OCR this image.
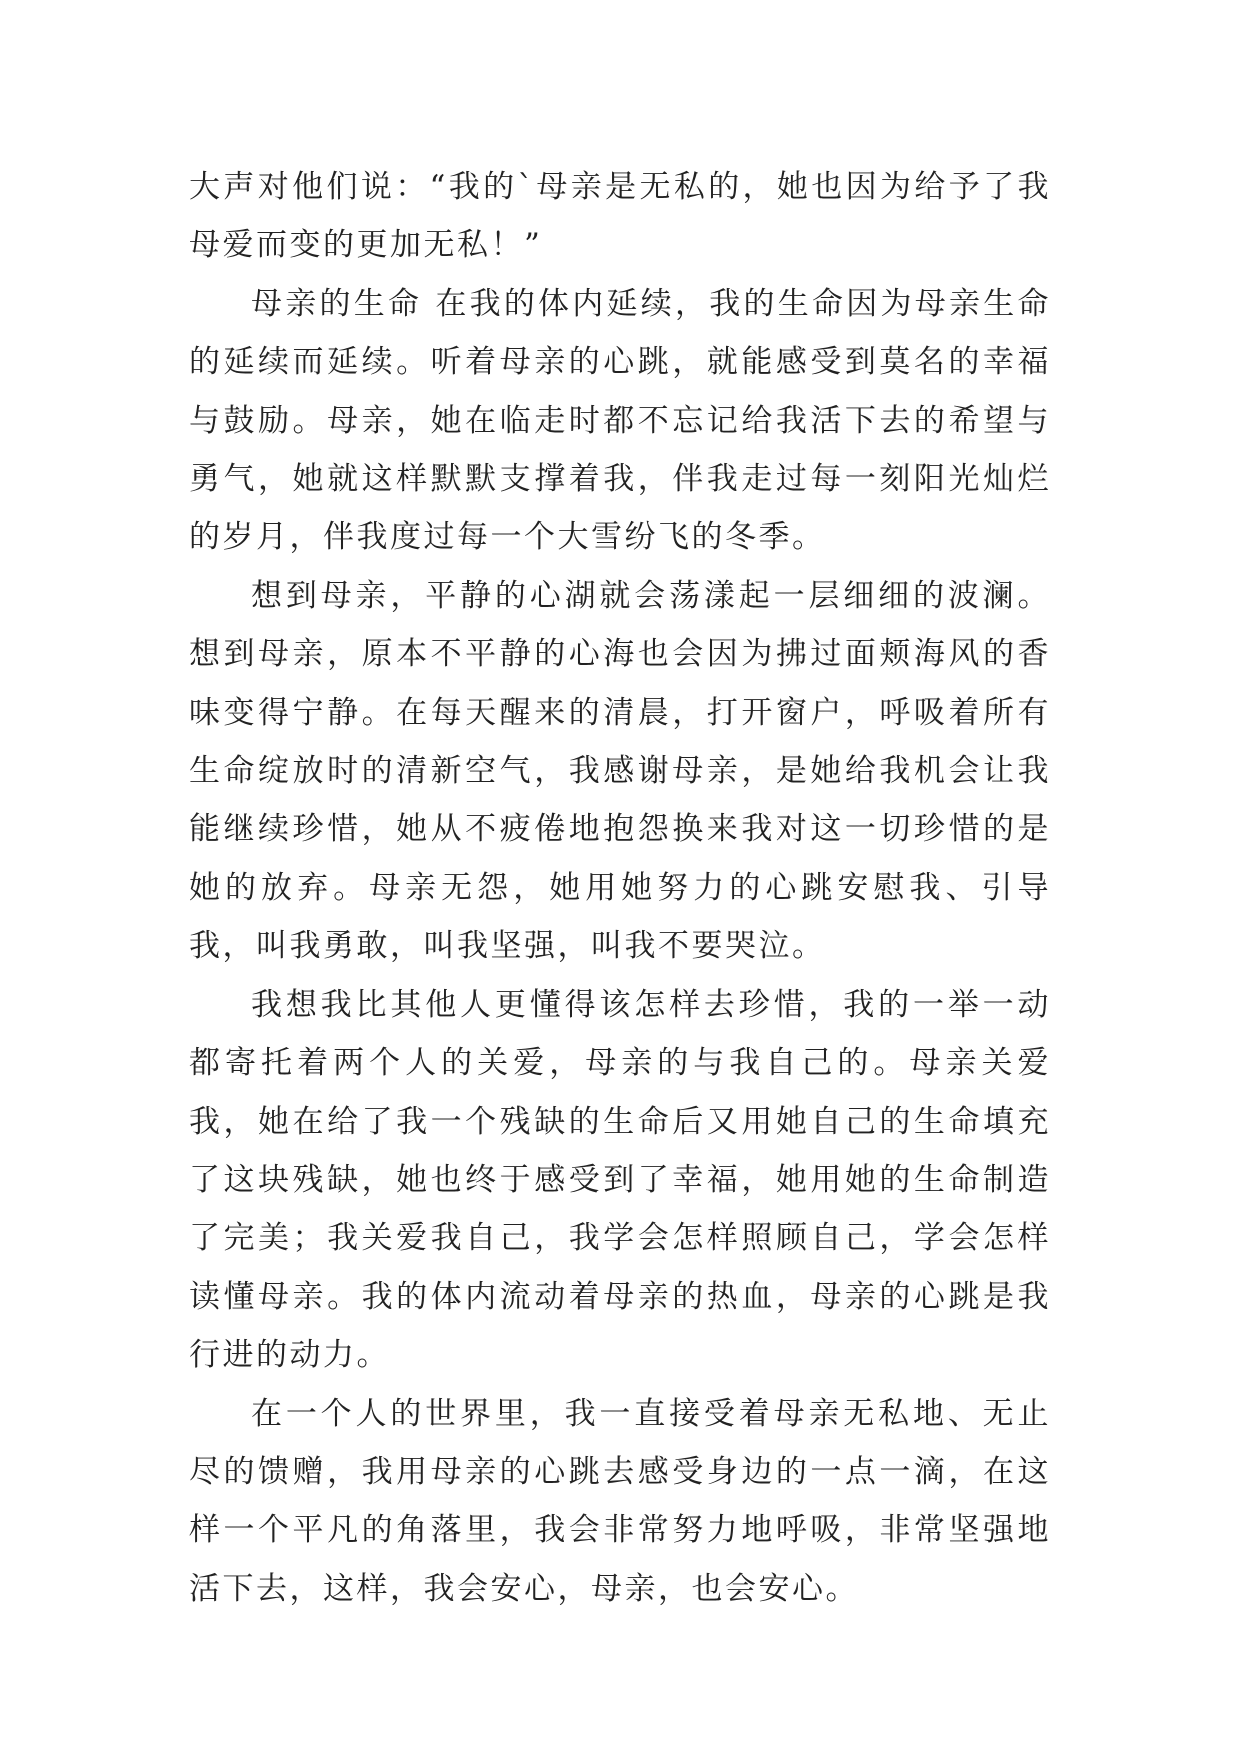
大声对他们说：“我的`母亲是无私的，她也因为给予了我母爱而变的更加无私！”

母亲的生命 在我的体内延续，我的生命因为母亲生命的延续而延续。听着母亲的心跳，就能感受到莫名的幸福与鼓励。母亲，她在临走时都不忘记给我活下去的希望与勇气，她就这样默默支撑着我，伴我走过每一刻阳光灿烂的岁月，伴我度过每一个大雪纷飞的冬季。

想到母亲，平静的心湖就会荡漾起一层细细的波澜。想到母亲，原本不平静的心海也会因为拂过面颊海风的香味变得宁静。在每天醒来的清晨，打开窗户，呼吸着所有生命绽放时的清新空气，我感谢母亲，是她给我机会让我能继续珍惜，她从不疲倦地抱怨换来我对这一切珍惜的是她的放弃。母亲无怨，她用她努力的心跳安慰我、引导我，叫我勇敢，叫我坚强，叫我不要哭泣。

我想我比其他人更懂得该怎样去珍惜，我的一举一动都寄托着两个人的关爱，母亲的与我自己的。母亲关爱我，她在给了我一个残缺的生命后又用她自己的生命填充了这块残缺，她也终于感受到了幸福，她用她的生命制造了完美；我关爱我自己，我学会怎样照顾自己，学会怎样读懂母亲。我的体内流动着母亲的热血，母亲的心跳是我行进的动力。

在一个人的世界里，我一直接受着母亲无私地、无止尽的馈赠，我用母亲的心跳去感受身边的一点一滴，在这样一个平凡的角落里，我会非常努力地呼吸，非常坚强地活下去，这样，我会安心，母亲，也会安心。
